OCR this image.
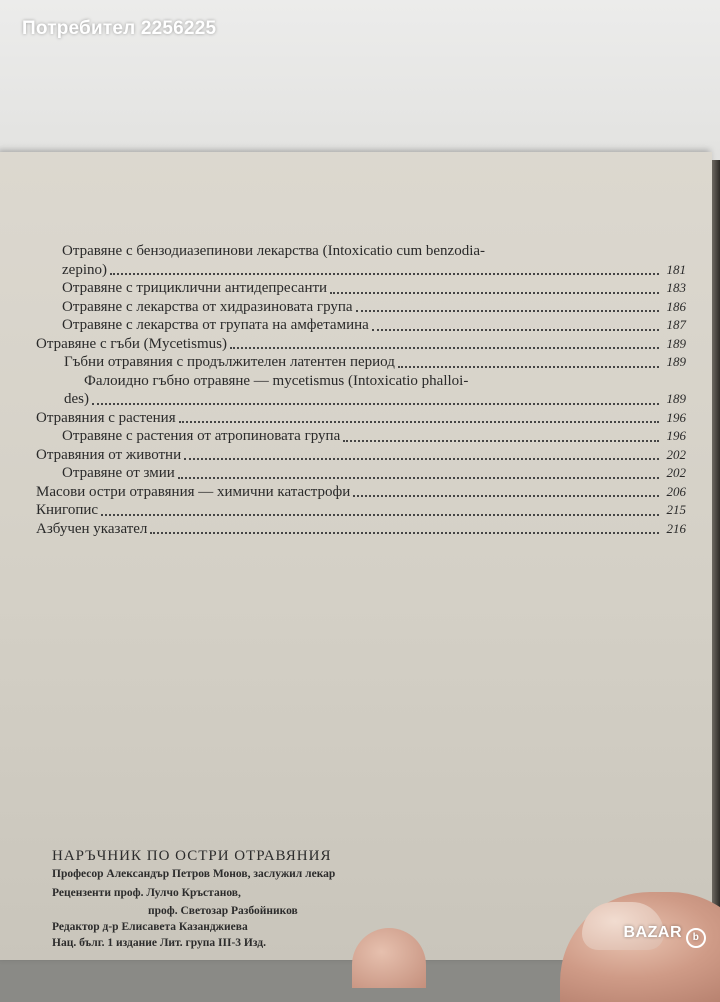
Потребител 2256225
Отравяне с бензодиазепинови лекарства (Intoxicatio cum benzodia-
zepino)	181
Отравяне с трициклични антидепресанти	183
Отравяне с лекарства от хидразиновата група	186
Отравяне с лекарства от групата на амфетамина	187
Отравяне с гъби (Mycetismus)	189
Гъбни отравяния с продължителен латентен период	189
Фалоидно гъбно отравяне — mycetismus (Intoxicatio phalloi-
des)	189
Отравяния с растения	196
Отравяне с растения от атропиновата група	196
Отравяния от животни	202
Отравяне от змии	202
Масови остри отравяния — химични катастрофи	206
Книгопис	215
Азбучен указател	216
НАРЪЧНИК ПО ОСТРИ ОТРАВЯНИЯ
Професор Александър Петров Монов, заслужил лекар
Рецензенти проф. Лулчо Кръстанов,
проф. Светозар Разбойников
Редактор д-р Елисавета Казанджиева
Нац. бълг. 1 издание Лит. група III-3 Изд.
BAZAR b
